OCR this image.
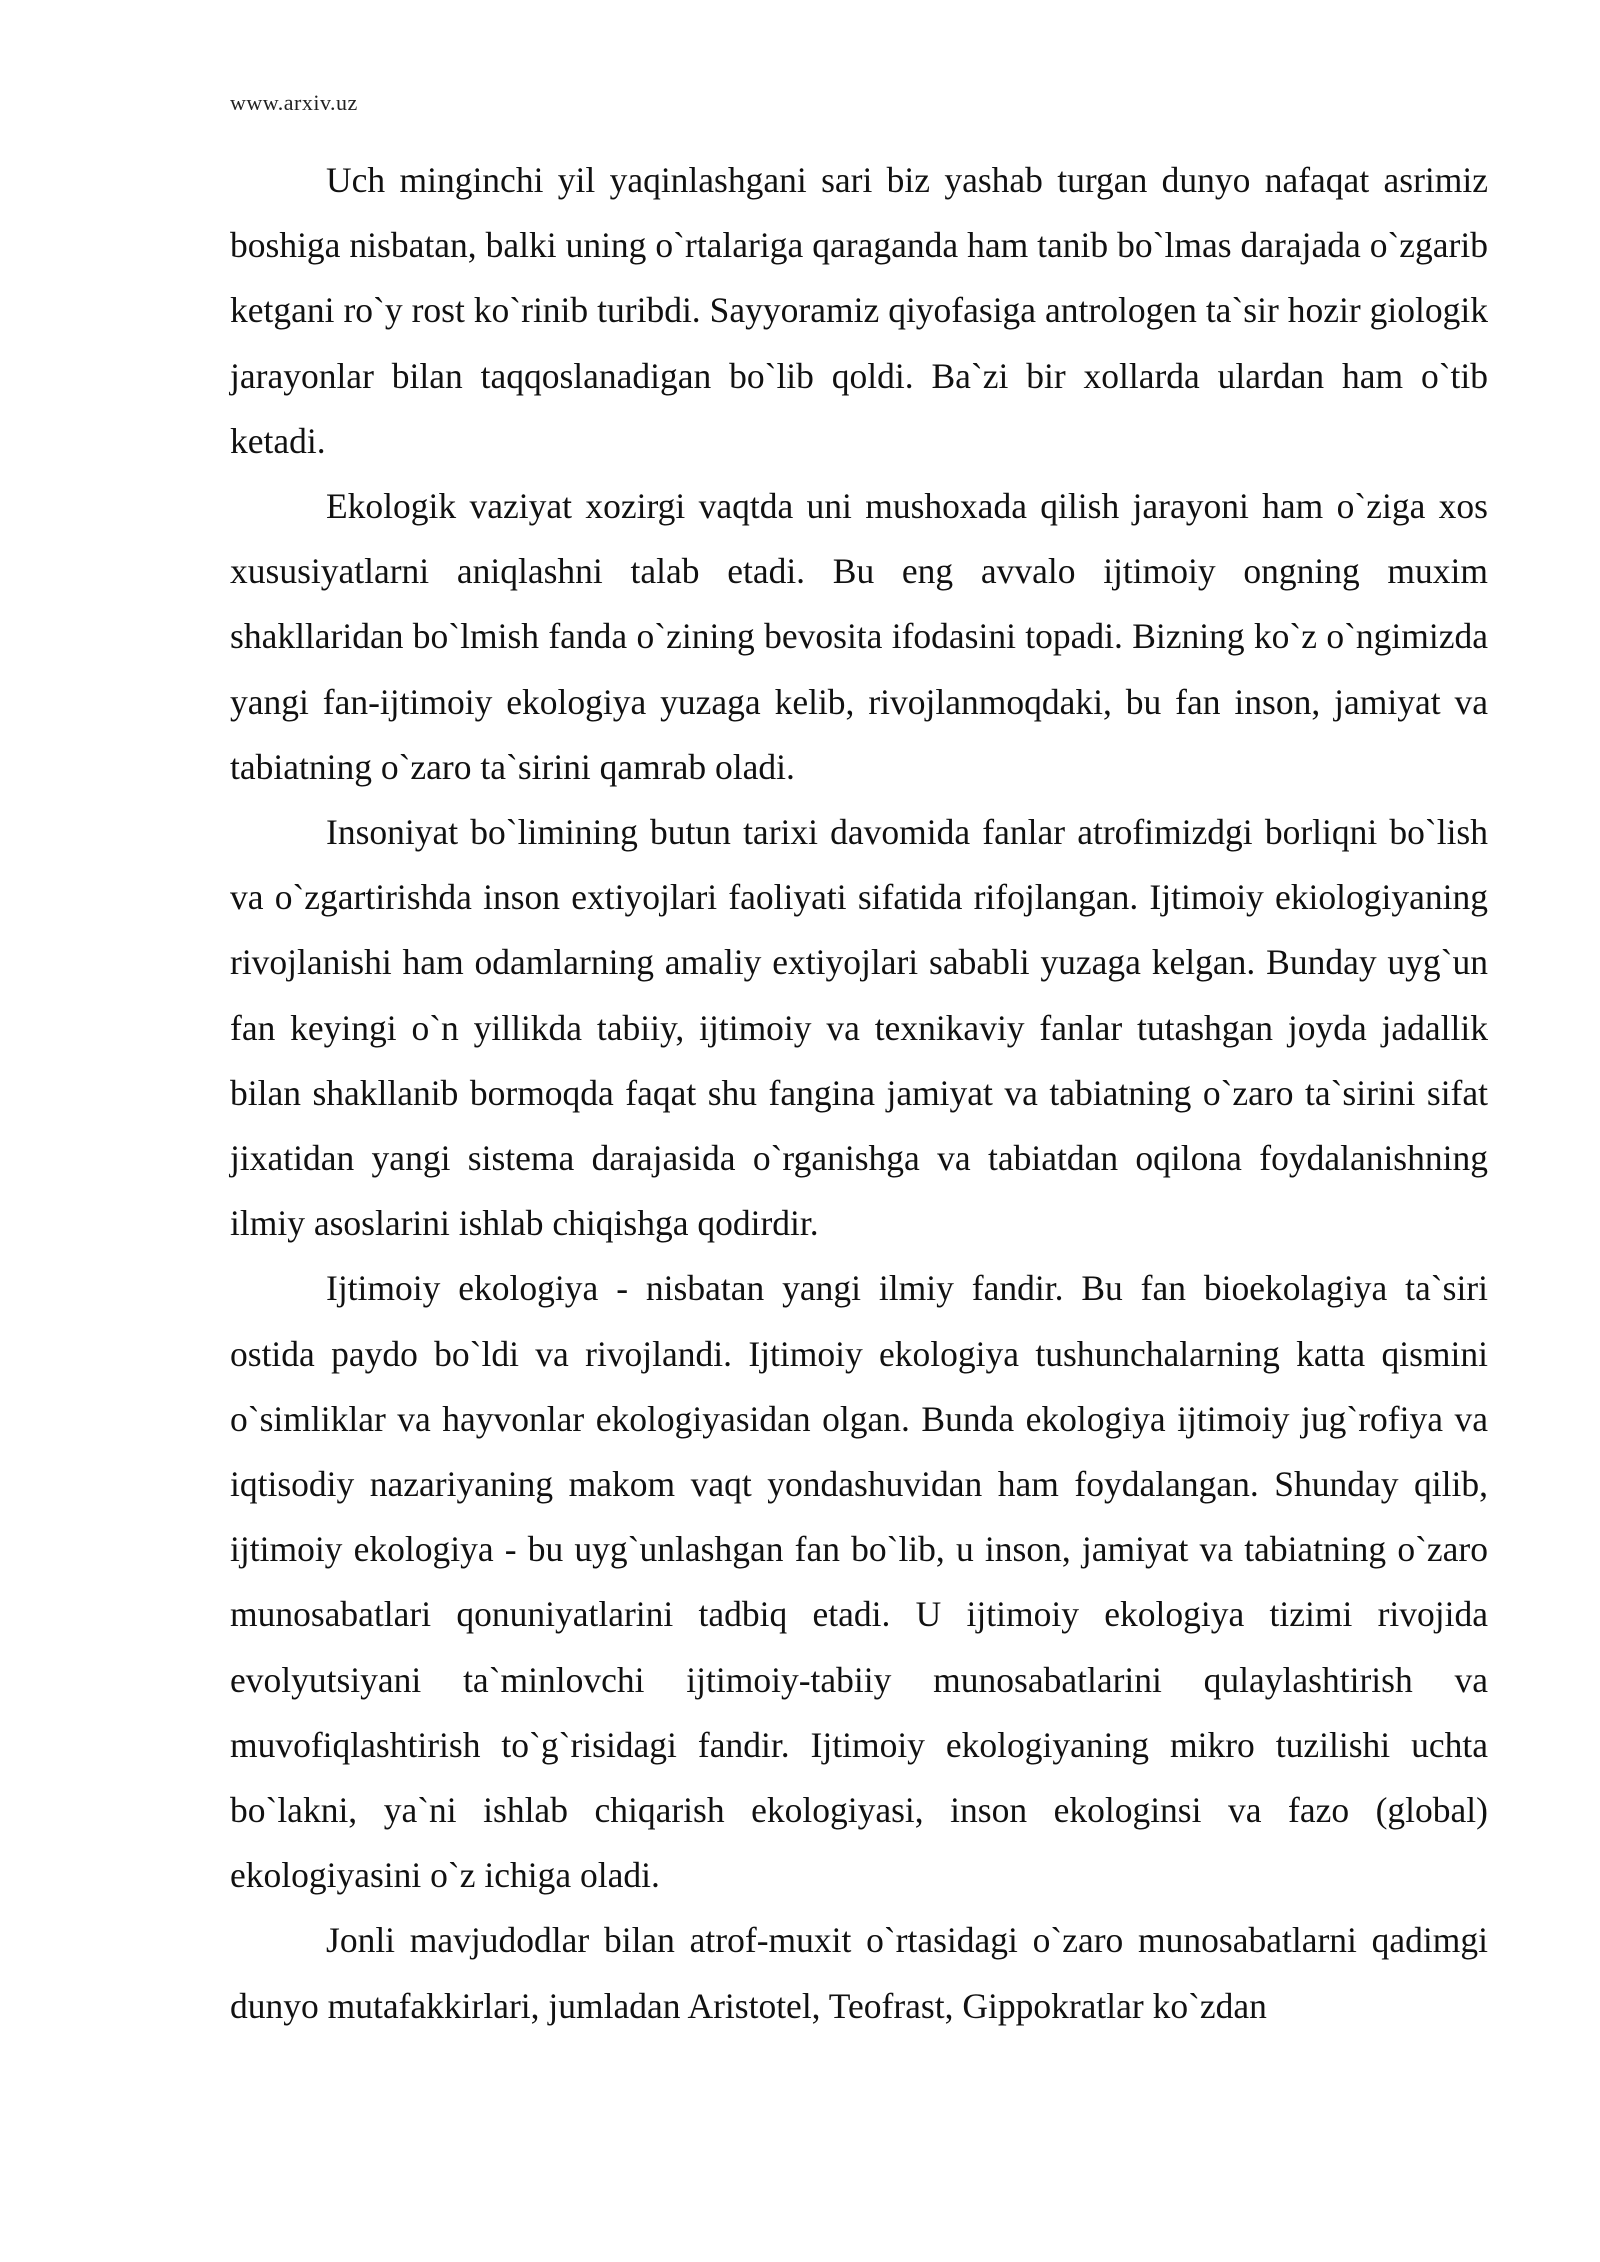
www.arxiv.uz

Uch minginchi yil yaqinlashgani sari biz yashab turgan dunyo nafaqat asrimiz boshiga nisbatan, balki uning o`rtalariga qaraganda ham tanib bo`lmas darajada o`zgarib ketgani ro`y rost ko`rinib turibdi. Sayyoramiz qiyofasiga antrologen ta`sir hozir giologik jarayonlar bilan taqqoslanadigan bo`lib qoldi. Ba`zi bir xollarda ulardan ham o`tib ketadi.

Ekologik vaziyat xozirgi vaqtda uni mushoxada qilish jarayoni ham o`ziga xos xususiyatlarni aniqlashni talab etadi. Bu eng avvalo ijtimoiy ongning muxim shakllaridan bo`lmish fanda o`zining bevosita ifodasini topadi. Bizning ko`z o`ngimizda yangi fan-ijtimoiy ekologiya yuzaga kelib, rivojlanmoqdaki, bu fan inson, jamiyat va tabiatning o`zaro ta`sirini qamrab oladi.

Insoniyat bo`limining butun tarixi davomida fanlar atrofimizdgi borliqni bo`lish va o`zgartirishda inson extiyojlari faoliyati sifatida rifojlangan. Ijtimoiy ekiologiyaning rivojlanishi ham odamlarning amaliy extiyojlari sababli yuzaga kelgan. Bunday uyg`un fan keyingi o`n yillikda tabiiy, ijtimoiy va texnikaviy fanlar tutashgan joyda jadallik bilan shakllanib bormoqda faqat shu fangina jamiyat va tabiatning o`zaro ta`sirini sifat jixatidan yangi sistema darajasida o`rganishga va tabiatdan oqilona foydalanishning ilmiy asoslarini ishlab chiqishga qodirdir.

Ijtimoiy ekologiya - nisbatan yangi ilmiy fandir. Bu fan bioekolagiya ta`siri ostida paydo bo`ldi va rivojlandi. Ijtimoiy ekologiya tushunchalarning katta qismini o`simliklar va hayvonlar ekologiyasidan olgan. Bunda ekologiya ijtimoiy jug`rofiya va iqtisodiy nazariyaning makom vaqt yondashuvidan ham foydalangan. Shunday qilib, ijtimoiy ekologiya - bu uyg`unlashgan fan bo`lib, u inson, jamiyat va tabiatning o`zaro munosabatlari qonuniyatlarini tadbiq etadi. U ijtimoiy ekologiya tizimi rivojida evolyutsiyani ta`minlovchi ijtimoiy-tabiiy munosabatlarini qulaylashtirish va muvofiqlashtirish to`g`risidagi fandir. Ijtimoiy ekologiyaning mikro tuzilishi uchta bo`lakni, ya`ni ishlab chiqarish ekologiyasi, inson ekologinsi va fazo (global) ekologiyasini o`z ichiga oladi.

Jonli mavjudodlar bilan atrof-muxit o`rtasidagi o`zaro munosabatlarni qadimgi dunyo mutafakkirlari, jumladan Aristotel, Teofrast, Gippokratlar ko`zdan
